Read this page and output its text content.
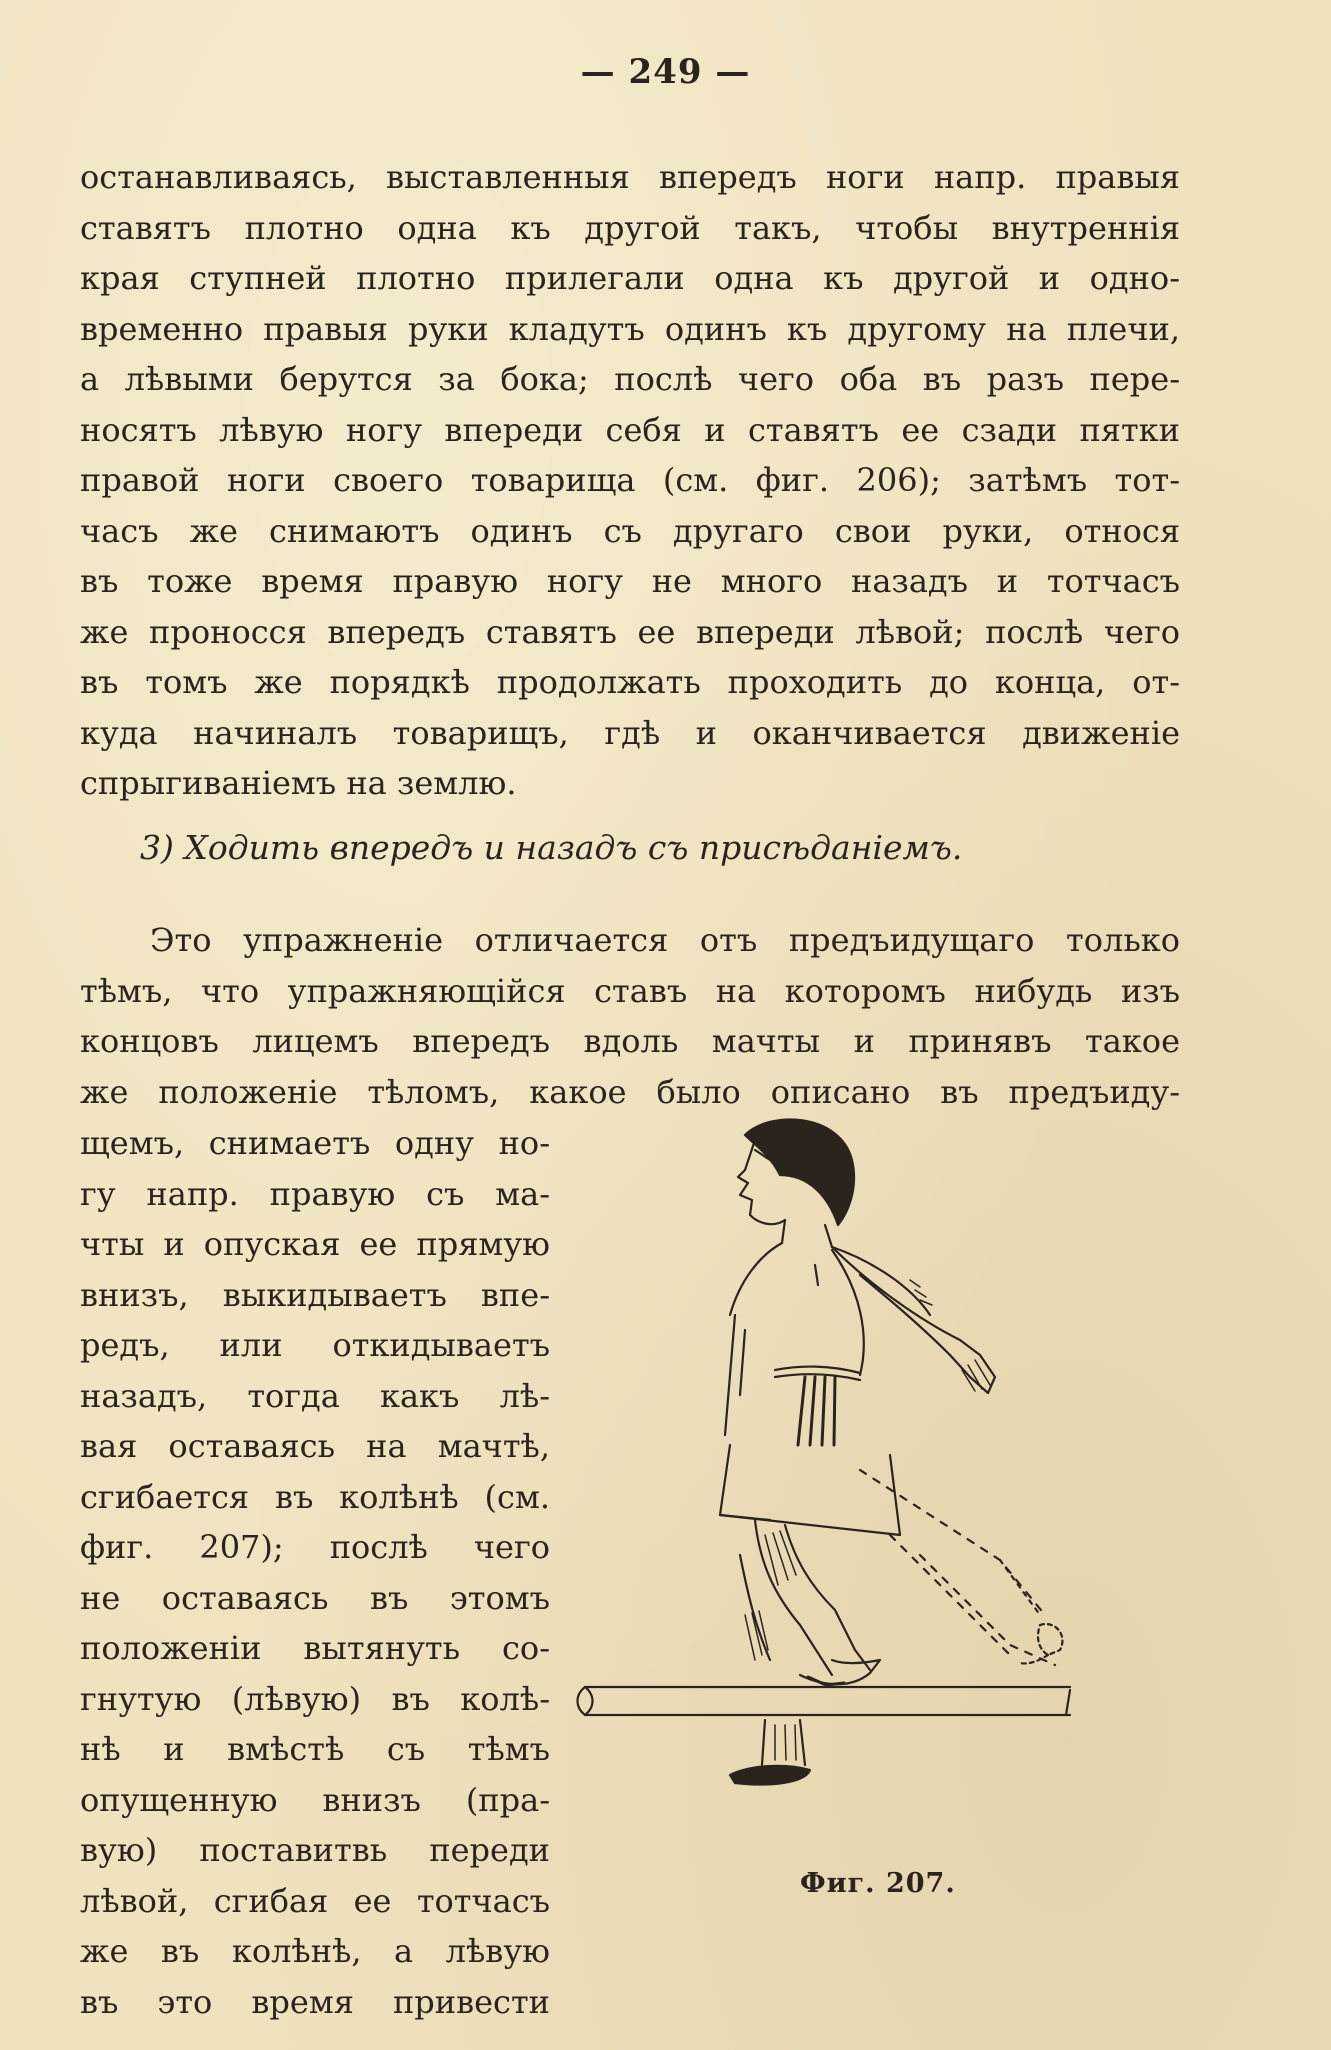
— 249 —
останавливаясь, выставленныя впередъ ноги напр. правыя
ставятъ плотно одна къ другой такъ, чтобы внутреннія
края ступней плотно прилегали одна къ другой и одно-
временно правыя руки кладутъ одинъ къ другому на плечи,
а лѣвыми берутся за бока; послѣ чего оба въ разъ пере-
носятъ лѣвую ногу впереди себя и ставятъ ее сзади пятки
правой ноги своего товарища (см. фиг. 206); затѣмъ тот-
часъ же снимаютъ одинъ съ другаго свои руки, относя
въ тоже время правую ногу не много назадъ и тотчасъ
же проносся впередъ ставятъ ее впереди лѣвой; послѣ чего
въ томъ же порядкѣ продолжать проходить до конца, от-
куда начиналъ товарищъ, гдѣ и оканчивается движеніе
спрыгиваніемъ на землю.
3) Ходить впередъ и назадъ съ присѣданіемъ.
Это упражненіе отличается отъ предъидущаго только
тѣмъ, что упражняющійся ставъ на которомъ нибудь изъ
концовъ лицемъ впередъ вдоль мачты и принявъ такое
же положеніе тѣломъ, какое было описано въ предъиду-
щемъ, снимаетъ одну но-
гу напр. правую съ ма-
чты и опуская ее прямую
внизъ, выкидываетъ впе-
редъ, или откидываетъ
назадъ, тогда какъ лѣ-
вая оставаясь на мачтѣ,
сгибается въ колѣнѣ (см.
фиг. 207); послѣ чего
не оставаясь въ этомъ
положеніи вытянуть со-
гнутую (лѣвую) въ колѣ-
нѣ и вмѣстѣ съ тѣмъ
опущенную внизъ (пра-
вую) поставитвь переди
лѣвой, сгибая ее тотчасъ
же въ колѣнѣ, а лѣвую
въ это время привести
Фиг. 207.
